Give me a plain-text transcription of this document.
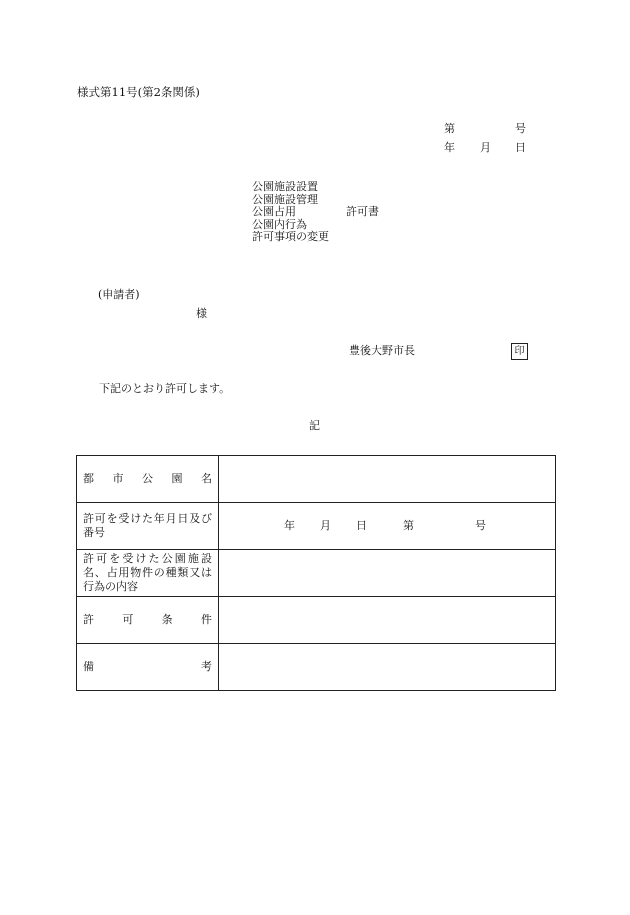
様式第11号(第2条関係)
第	号
年 月 日
公園施設設置
公園施設管理
公園占用
公園内行為
許可事項の変更
許可書
(申請者)
様
豊後大野市長	印
下記のとおり許可します。
記
都 市 公 園 名	

許可を受けた年月日及び番号	年 月 日 第 号

許可を受けた公園施設名、占用物件の種類又は行為の内容	

許 可 条 件	

備 考	
